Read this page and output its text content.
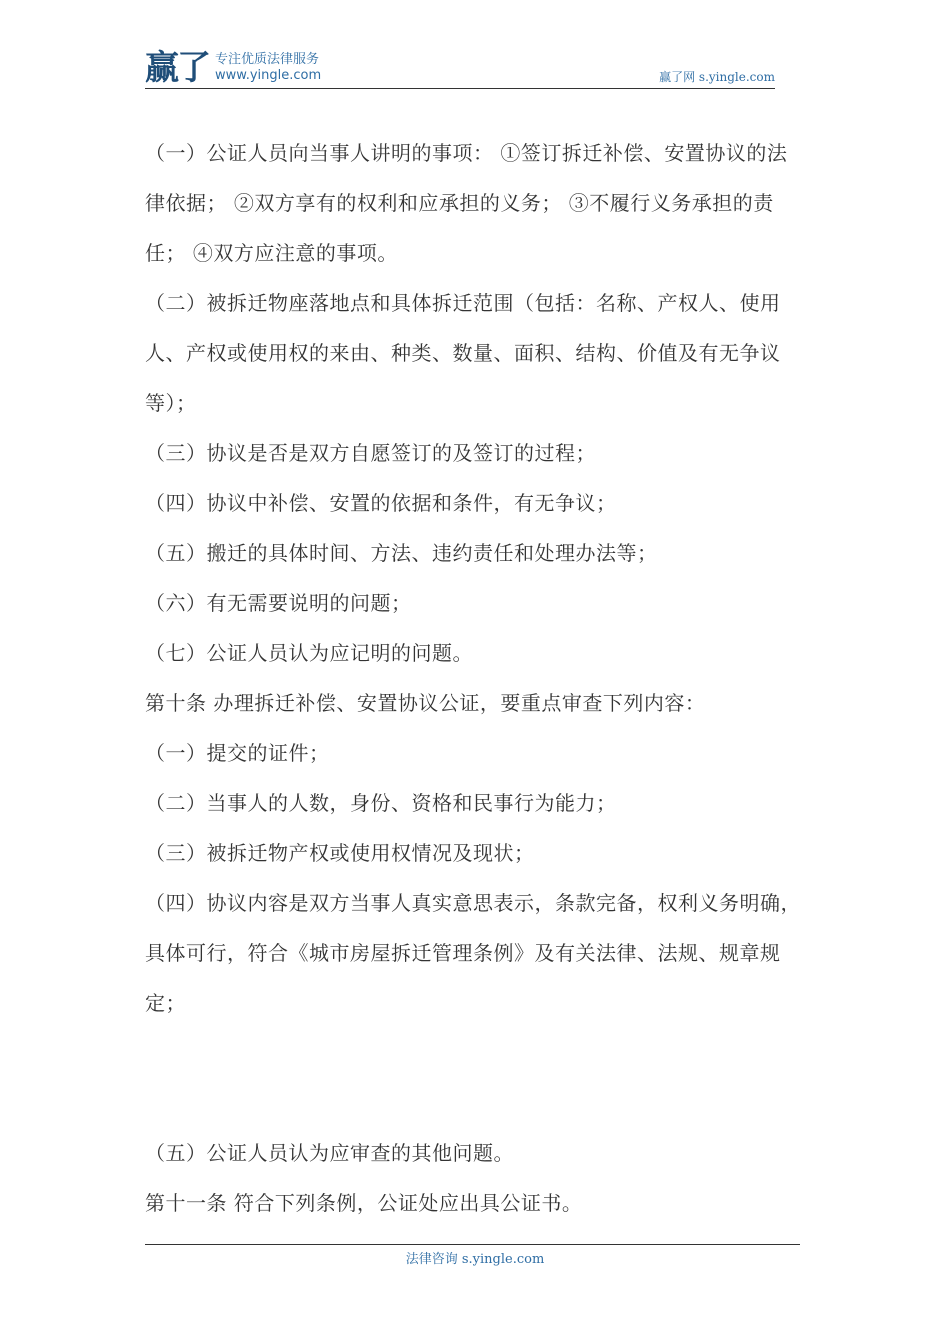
赢了 专注优质法律服务
www.yingle.com	赢了网 s.yingle.com

（一）公证人员向当事人讲明的事项： ①签订拆迁补偿、安置协议的法律依据； ②双方享有的权利和应承担的义务； ③不履行义务承担的责任； ④双方应注意的事项。

（二）被拆迁物座落地点和具体拆迁范围（包括：名称、产权人、使用人、产权或使用权的来由、种类、数量、面积、结构、价值及有无争议等）；

（三）协议是否是双方自愿签订的及签订的过程；

（四）协议中补偿、安置的依据和条件，有无争议；

（五）搬迁的具体时间、方法、违约责任和处理办法等；

（六）有无需要说明的问题；

（七）公证人员认为应记明的问题。

第十条 办理拆迁补偿、安置协议公证，要重点审查下列内容：

（一）提交的证件；

（二）当事人的人数，身份、资格和民事行为能力；

（三）被拆迁物产权或使用权情况及现状；

（四）协议内容是双方当事人真实意思表示，条款完备，权利义务明确，具体可行，符合《城市房屋拆迁管理条例》及有关法律、法规、规章规定；

（五）公证人员认为应审查的其他问题。

第十一条 符合下列条例，公证处应出具公证书。

法律咨询 s.yingle.com
